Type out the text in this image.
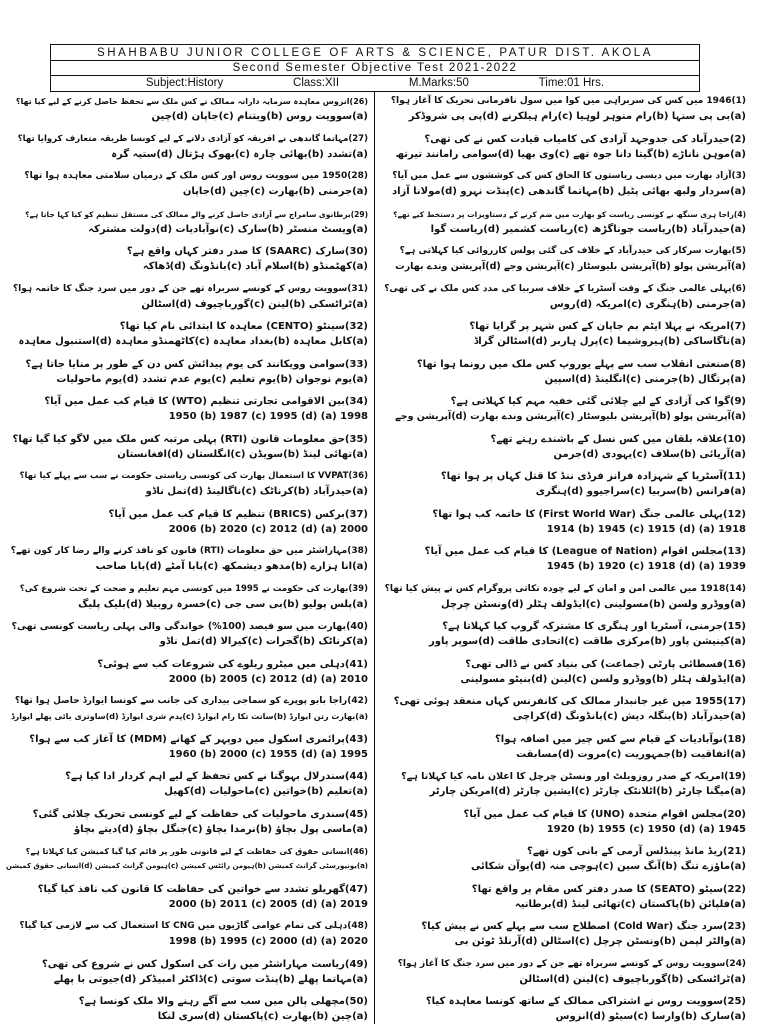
SHAHBABU JUNIOR COLLEGE OF ARTS & SCIENCE, PATUR DIST. AKOLA
Second Semester Objective Test 2021-2022
Subject:History	Class:XII	M.Marks:50	Time:01 Hrs.
(1)1946 میں کس کی سربراہی میں کوا میں سول نافرمانی تحریک کا آغاز ہوا؟
(a)بی پی سنہا (b)رام منوہر لوہیا (c)رام ہیلکرنے (d)پی پی شروڈکر
(2)حیدرآباد کی جدوجہد آزادی کی کامیاب قیادت کس نے کی تھی؟
(a)موہن ناناڑے (b)گیتا دانا جوہ تھے (c)وی بھیا (d)سوامی رامانند تیرتھ
(3)آزاد بھارت میں دیسی ریاستوں کا الحاق کس کی کوششوں سے عمل میں آیا؟
(a)سردار ولبھ بھائی پٹیل (b)مہاتما گاندھی (c)پنڈت نہرو (d)مولانا آزاد
(4)راجا ہری سنگھ نے کونسی ریاست کو بھارت میں ضم کرنے کے دستاویزات پر دستخط کیے تھے؟
(a)حیدرآباد (b)ریاست جوناگڑھ (c)ریاست کشمیر (d)ریاست گوا
(5)بھارت سرکار کی حیدرآباد کے خلاف کی گئی پولس کارروائی کیا کہلاتی ہے؟
(a)آپریشن پولو (b)آپریشن بلیوسٹار (c)آپریشن وجے (d)آپریشن وندے بھارت
(6)پہلی عالمی جنگ کے وقت آسٹریا کے خلاف سربیا کی مدد کس ملک نے کی تھی؟
(a)جرمنی (b)ہنگری (c)امریکہ (d)روس
(7)امریکہ نے پہلا ایٹم بم جاپان کے کس شہر پر گرایا تھا؟
(a)ناگاساکی (b)ہیروشیما (c)پرل ہاربر (d)اسٹالن گراڈ
(8)صنعتی انقلاب سب سے پہلے یوروپ کس ملک میں رونما ہوا تھا؟
(a)پرتگال (b)جرمنی (c)انگلینڈ (d)اسپین
(9)گوا کی آزادی کے لیے چلائی گئی خفیہ مہم کیا کہلاتی ہے؟
(a)آپریشن پولو (b)آپریشن بلیوسٹار (c)آپریشن وندے بھارت (d)آپریشن وجے
(10)علاقہ بلقان میں کس نسل کے باشندے رہتے تھے؟
(a)آریائی (b)سلاف (c)یہودی (d)جرمن
(11)آسٹریا کے شہزادہ فرانز فرڈی ننڈ کا قتل کہاں پر ہوا تھا؟
(a)فرانس (b)سربیا (c)سراجیوو (d)ہنگری
(12)پہلی عالمی جنگ (First World War) کا خاتمہ کب ہوا تھا؟
1918 (a) 1914 (b) 1945 (c) 1915 (d)
(13)مجلس اقوام (League of Nation) کا قیام کب عمل میں آیا؟
1939 (a) 1945 (b) 1920 (c) 1918 (d)
(14)1918 میں عالمی امن و امان کے لیے چودہ نکاتی پروگرام کس نے پیش کیا تھا؟
(a)ووڈرو ولسن (b)مسولینی (c)ایڈولف ہٹلر (d)ونسٹن چرچل
(15)جرمنی، آسٹریا اور ہنگری کا مشترکہ گروپ کیا کہلاتا ہے؟
(a)کینیشن پاور (b)مرکزی طاقت (c)اتحادی طاقت (d)سوپر پاور
(16)فسطائی پارٹی (جماعت) کی بنیاد کس نے ڈالی تھی؟
(a)ایڈولف ہٹلر (b)ووڈرو ولسن (c)لینن (d)بنیٹو مسولینی
(17)1955 میں غیر جانبدار ممالک کی کانفرنس کہاں منعقد ہوئی تھی؟
(a)حیدرآباد (b)بنگلہ دیش (c)بانڈونگ (d)کراچی
(18)نوآبادیات کے قیام سے کس چیز میں اضافہ ہوا؟
(a)اتفاقیت (b)جمہوریت (c)مروت (d)مسابقت
(19)امریکہ کے صدر روزویلٹ اور ونسٹن چرچل کا اعلان نامہ کیا کہلاتا ہے؟
(a)میگنا چارٹر (b)اٹلانٹک چارٹر (c)ایشین چارٹر (d)امریکن چارٹر
(20)مجلس اقوام متحدہ (UNO) کا قیام کب عمل میں آیا؟
1945 (a) 1920 (b) 1955 (c) 1950 (d)
(21)ریڈ مانڈ پینڈلس آرمی کے بانی کون تھے؟
(a)ماؤزے تنگ (b)آنگ سین (c)ہوچی منہ (d)یوآن شکائی
(22)سیٹو (SEATO) کا صدر دفتر کس مقام پر واقع تھا؟
(a)فلپائن (b)پاکستان (c)تھائی لینڈ (d)برطانیہ
(23)سرد جنگ (Cold War) اصطلاح سب سے پہلے کس نے پیش کیا؟
(a)والٹر لپمن (b)ونسٹن چرچل (c)اسٹالن (d)آرنلڈ ٹوئن بی
(24)سوویت روس کے کونسے سربراہ تھے جن کے دور میں سرد جنگ کا آغاز ہوا؟
(a)ٹراٹسکی (b)گورباچیوف (c)لینن (d)اسٹالن
(25)سوویت روس نے اشتراکی ممالک کے ساتھ کونسا معاہدہ کیا؟
(a)سارک (b)وارسا (c)سیٹو (d)انزوس
(26)انزوس معاہدہ سرمایہ دارانہ ممالک نے کس ملک سے تحفظ حاصل کرنے کے لیے کیا تھا؟
(a)سوویت روس (b)ویتنام (c)جاپان (d)چین
(27)مہاتما گاندھی نے افریقہ کو آزادی دلانے کے لیے کونسا طریقہ متعارف کروایا تھا؟
(a)تشدد (b)بھائی چارہ (c)بھوک ہڑتال (d)ستیہ گرہ
(28)1950 میں سوویت روس اور کس ملک کے درمیان سلامتی معاہدہ ہوا تھا؟
(a)جرمنی (b)بھارت (c)چین (d)جاپان
(29)برطانوی سامراج سے آزادی حاصل کرنے والے ممالک کی مستقل تنظیم کو کیا کہا جاتا ہے؟
(a)ویسٹ منسٹر (b)سارک (c)نوآبادیات (d)دولت مشترکہ
(30)سارک (SAARC) کا صدر دفتر کہاں واقع ہے؟
(a)کھٹمنڈو (b)اسلام آباد (c)بانڈونگ (d)ڈھاکہ
(31)سوویت روس کے کونسے سربراہ تھے جن کے دور میں سرد جنگ کا خاتمہ ہوا؟
(a)ٹراٹسکی (b)لینن (c)گورباچیوف (d)اسٹالن
(32)سینٹو (CENTO) معاہدہ کا ابتدائی نام کیا تھا؟
(a)کابل معاہدہ (b)بغداد معاہدہ (c)کاٹھمنڈو معاہدہ (d)استنبول معاہدہ
(33)سوامی وویکانند کی یوم پیدائش کس دن کے طور پر منایا جاتا ہے؟
(a)یوم نوجوان (b)یوم تعلیم (c)یوم عدم تشدد (d)یوم ماحولیات
(34)بین الاقوامی تجارتی تنظیم (WTO) کا قیام کب عمل میں آیا؟
1998 (a) 1950 (b) 1987 (c) 1995 (d)
(35)حق معلومات قانون (RTI) پہلی مرتبہ کس ملک میں لاگو کیا گیا تھا؟
(a)تھائی لینڈ (b)سویڈن (c)انگلستان (d)افغانستان
(36)VVPAT کا استعمال بھارت کی کونسی ریاستی حکومت نے سب سے پہلے کیا تھا؟
(a)حیدرآباد (b)کرناٹک (c)ناگالینڈ (d)تمل ناڈو
(37)برکس (BRICS) تنظیم کا قیام کب عمل میں آیا؟
2000 (a) 2006 (b) 2020 (c) 2012 (d)
(38)مہاراشٹر میں حق معلومات (RTI) قانون کو نافذ کرنے والے رضا کار کون تھے؟
(a)انا ہزارے (b)مدھو دیشمکھ (c)بابا آمٹے (d)بابا صاحب
(39)بھارت کی حکومت نے 1995 میں کونسی مہم تعلیم و صحت کے تحت شروع کی؟
(a)پلس پولیو (b)بی سی جی (c)خسرہ روبیلا (d)بلیک پلیگ
(40)بھارت میں سو فیصد (100%) خواندگی والی پہلی ریاست کونسی تھی؟
(a)کرناٹک (b)گجرات (c)کیرالا (d)تمل ناڈو
(41)دہلی میں میٹرو ریلوے کی شروعات کب سے ہوئی؟
2010 (a) 2000 (b) 2005 (c) 2012 (d)
(42)راجا بابو پوپرے کو سماجی بیداری کی جانب سے کونسا ایوارڈ حاصل ہوا تھا؟
(a)بھارت رتن ایوارڈ (b)سانت تکا رام ایوارڈ (c)پدم شری ایوارڈ (d)ساوتری بائی پھلے ایوارڈ
(43)پرائمری اسکول میں دوپہر کے کھانے (MDM) کا آغاز کب سے ہوا؟
1995 (a) 1960 (b) 2000 (c) 1955 (d)
(44)سندرلال بہوگنا نے کس تحفظ کے لیے اہم کردار ادا کیا ہے؟
(a)تعلیم (b)خواتین (c)ماحولیات (d)کھیل
(45)سندری ماحولیات کی حفاظت کے لیے کونسی تحریک چلائی گئی؟
(a)ماسی پول بچاؤ (b)نرمدا بچاؤ (c)جنگل بچاؤ (d)دیتے بچاؤ
(46)انسانی حقوق کی حفاظت کے لیے قانونی طور پر قائم کیا گیا کمیشن کیا کہلاتا ہے؟
(a)یونیورسٹی گرانٹ کمیشن (b)ہیومن رائٹس کمیشن (c)ہیومن گرانٹ کمیشن (d)انسانی حقوق کمیشن
(47)گھریلو تشدد سے خواتین کی حفاظت کا قانون کب نافذ کیا گیا؟
2019 (a) 2000 (b) 2011 (c) 2005 (d)
(48)دہلی کی تمام عوامی گاڑیوں میں CNG کا استعمال کب سے لازمی کیا گیا؟
2020 (a) 1998 (b) 1995 (c) 2000 (d)
(49)ریاست مہاراشٹر میں رات کی اسکول کس نے شروع کی تھی؟
(a)مہاتما پھلے (b)پنڈت سوتی (c)ڈاکٹر امبیڈکر (d)جیوتی با پھلے
(50)مچھلی پالن میں سب سے آگے رہنے والا ملک کونسا ہے؟
(a)چین (b)بھارت (c)پاکستان (d)سری لنکا
